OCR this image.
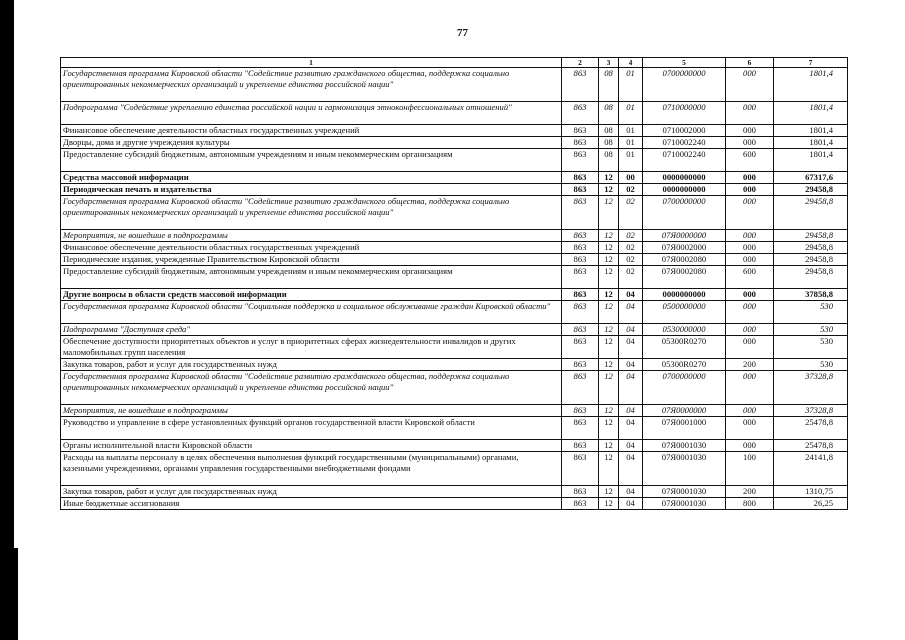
77
1	2	3	4	5	6	7
Государственная программа Кировской области "Содействие развитию гражданского общества, поддержка социально ориентированных некоммерческих организаций и укрепление единства российской нации"	863	08	01	0700000000	000	1801,4
Подпрограмма "Содействие укреплению единства российской нации и гармонизация этноконфессиональных отношений"	863	08	01	0710000000	000	1801,4
Финансовое обеспечение деятельности областных государственных учреждений	863	08	01	0710002000	000	1801,4
Дворцы, дома и другие учреждения культуры	863	08	01	0710002240	000	1801,4
Предоставление субсидий бюджетным, автономным учреждениям и иным некоммерческим организациям	863	08	01	0710002240	600	1801,4
Средства массовой информации	863	12	00	0000000000	000	67317,6
Периодическая печать и издательства	863	12	02	0000000000	000	29458,8
Государственная программа Кировской области "Содействие развитию гражданского общества, поддержка социально ориентированных некоммерческих организаций и укрепление единства российской нации"	863	12	02	0700000000	000	29458,8
Мероприятия, не вошедшие в подпрограммы	863	12	02	07Я0000000	000	29458,8
Финансовое обеспечение деятельности областных государственных учреждений	863	12	02	07Я0002000	000	29458,8
Периодические издания, учрежденные Правительством Кировской области	863	12	02	07Я0002080	000	29458,8
Предоставление субсидий бюджетным, автономным учреждениям и иным некоммерческим организациям	863	12	02	07Я0002080	600	29458,8
Другие вопросы в области средств массовой информации	863	12	04	0000000000	000	37858,8
Государственная программа Кировской области "Социальная поддержка и социальное обслуживание граждан Кировской области"	863	12	04	0500000000	000	530
Подпрограмма "Доступная среда"	863	12	04	0530000000	000	530
Обеспечение доступности приоритетных объектов и услуг в приоритетных сферах жизнедеятельности инвалидов и других маломобильных групп населения	863	12	04	05300R0270	000	530
Закупка товаров, работ и услуг для государственных нужд	863	12	04	05300R0270	200	530
Государственная программа Кировской области "Содействие развитию гражданского общества, поддержка социально ориентированных некоммерческих организаций и укрепление единства российской нации"	863	12	04	0700000000	000	37328,8
Мероприятия, не вошедшие в подпрограммы	863	12	04	07Я0000000	000	37328,8
Руководство и управление в сфере установленных функций органов государственной власти Кировской области	863	12	04	07Я0001000	000	25478,8
Органы исполнительной власти Кировской области	863	12	04	07Я0001030	000	25478,8
Расходы на выплаты персоналу в целях обеспечения выполнения функций государственными (муниципальными) органами, казенными учреждениями, органами управления государственными внебюджетными фондами	863	12	04	07Я0001030	100	24141,8
Закупка товаров, работ и услуг для государственных нужд	863	12	04	07Я0001030	200	1310,75
Иные бюджетные ассигнования	863	12	04	07Я0001030	800	26,25
